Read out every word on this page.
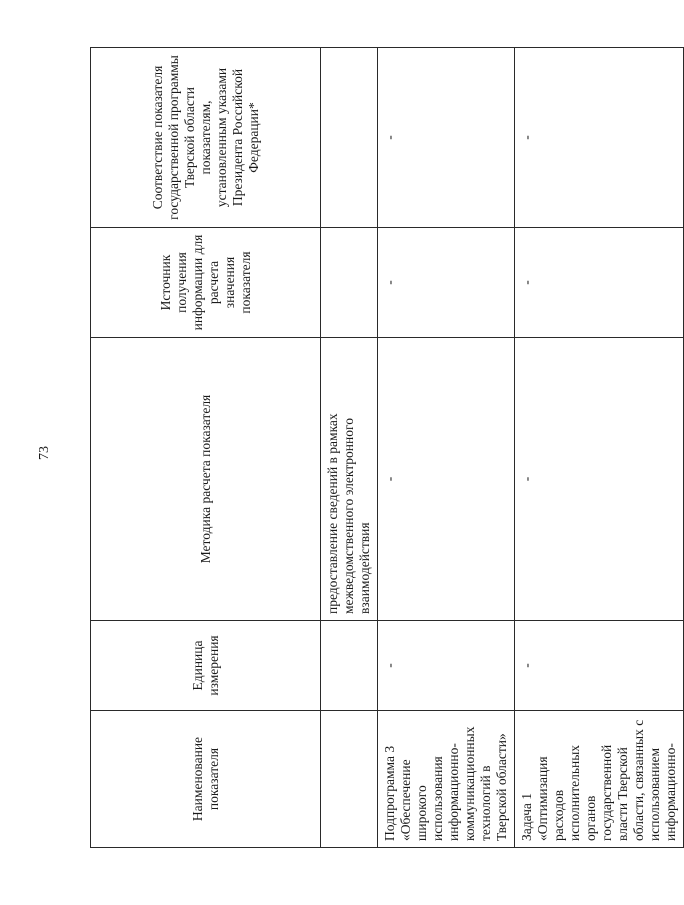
73
Наименование показателя	Единица измерения	Методика расчета показателя	Источник получения информации для расчета значения показателя	Соответствие показателя государственной программы Тверской области показателям, установленным указами Президента Российской Федерации*
		предоставление сведений в рамках межведомственного электронного взаимодействия		
Подпрограмма 3 «Обеспечение широкого использования информационно-коммуникационных технологий в Тверской области»	-	-	-	-
Задача 1 «Оптимизация расходов исполнительных органов государственной власти Тверской области, связанных с использованием информационно-	-	-	-	-
